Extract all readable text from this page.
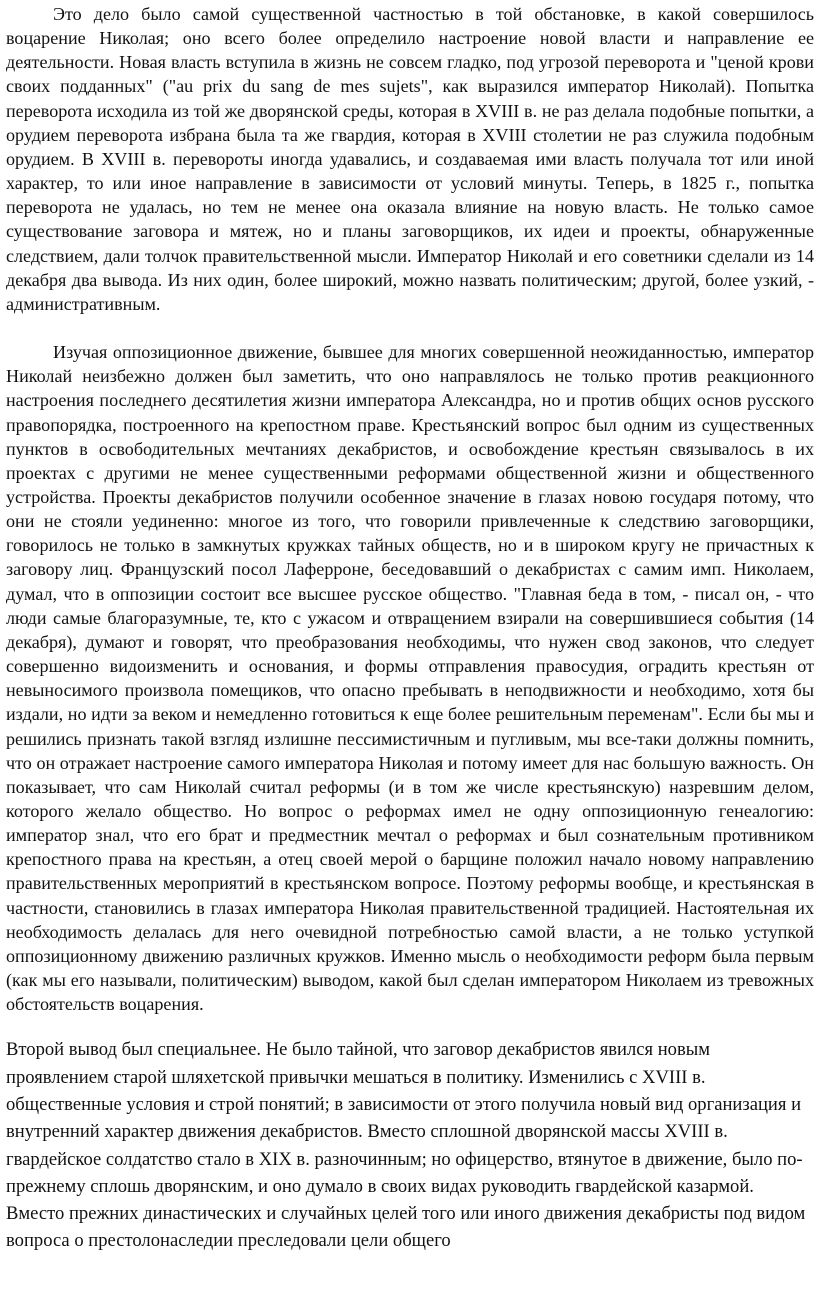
Это дело было самой существенной частностью в той обстановке, в какой совершилось воцарение Николая; оно всего более определило настроение новой власти и направление ее деятельности. Новая власть вступила в жизнь не совсем гладко, под угрозой переворота и "ценой крови своих подданных" ("au prix du sang de mes sujets", как выразился император Николай). Попытка переворота исходила из той же дворянской среды, которая в XVIII в. не раз делала подобные попытки, а орудием переворота избрана была та же гвардия, которая в XVIII столетии не раз служила подобным орудием. В XVIII в. перевороты иногда удавались, и создаваемая ими власть получала тот или иной характер, то или иное направление в зависимости от условий минуты. Теперь, в 1825 г., попытка переворота не удалась, но тем не менее она оказала влияние на новую власть. Не только самое существование заговора и мятеж, но и планы заговорщиков, их идеи и проекты, обнаруженные следствием, дали толчок правительственной мысли. Император Николай и его советники сделали из 14 декабря два вывода. Из них один, более широкий, можно назвать политическим; другой, более узкий, - административным.

Изучая оппозиционное движение, бывшее для многих совершенной неожиданностью, император Николай неизбежно должен был заметить, что оно направлялось не только против реакционного настроения последнего десятилетия жизни императора Александра, но и против общих основ русского правопорядка, построенного на крепостном праве. Крестьянский вопрос был одним из существенных пунктов в освободительных мечтаниях декабристов, и освобождение крестьян связывалось в их проектах с другими не менее существенными реформами общественной жизни и общественного устройства. Проекты декабристов получили особенное значение в глазах новою государя потому, что они не стояли уединенно: многое из того, что говорили привлеченные к следствию заговорщики, говорилось не только в замкнутых кружках тайных обществ, но и в широком кругу не причастных к заговору лиц. Французский посол Лаферроне, беседовавший о декабристах с самим имп. Николаем, думал, что в оппозиции состоит все высшее русское общество. "Главная беда в том, - писал он, - что люди самые благоразумные, те, кто с ужасом и отвращением взирали на совершившиеся события (14 декабря), думают и говорят, что преобразования необходимы, что нужен свод законов, что следует совершенно видоизменить и основания, и формы отправления правосудия, оградить крестьян от невыносимого произвола помещиков, что опасно пребывать в неподвижности и необходимо, хотя бы издали, но идти за веком и немедленно готовиться к еще более решительным переменам". Если бы мы и решились признать такой взгляд излишне пессимистичным и пугливым, мы все-таки должны помнить, что он отражает настроение самого императора Николая и потому имеет для нас большую важность. Он показывает, что сам Николай считал реформы (и в том же числе крестьянскую) назревшим делом, которого желало общество. Но вопрос о реформах имел не одну оппозиционную генеалогию: император знал, что его брат и предместник мечтал о реформах и был сознательным противником крепостного права на крестьян, а отец своей мерой о барщине положил начало новому направлению правительственных мероприятий в крестьянском вопросе. Поэтому реформы вообще, и крестьянская в частности, становились в глазах императора Николая правительственной традицией. Настоятельная их необходимость делалась для него очевидной потребностью самой власти, а не только уступкой оппозиционному движению различных кружков. Именно мысль о необходимости реформ была первым (как мы его называли, политическим) выводом, какой был сделан императором Николаем из тревожных обстоятельств воцарения.

Второй вывод был специальнее. Не было тайной, что заговор декабристов явился новым проявлением старой шляхетской привычки мешаться в политику. Изменились с XVIII в. общественные условия и строй понятий; в зависимости от этого получила новый вид организация и внутренний характер движения декабристов. Вместо сплошной дворянской массы XVIII в. гвардейское солдатство стало в XIX в. разночинным; но офицерство, втянутое в движение, было по-прежнему сплошь дворянским, и оно думало в своих видах руководить гвардейской казармой. Вместо прежних династических и случайных целей того или иного движения декабристы под видом вопроса о престолонаследии преследовали цели общего
